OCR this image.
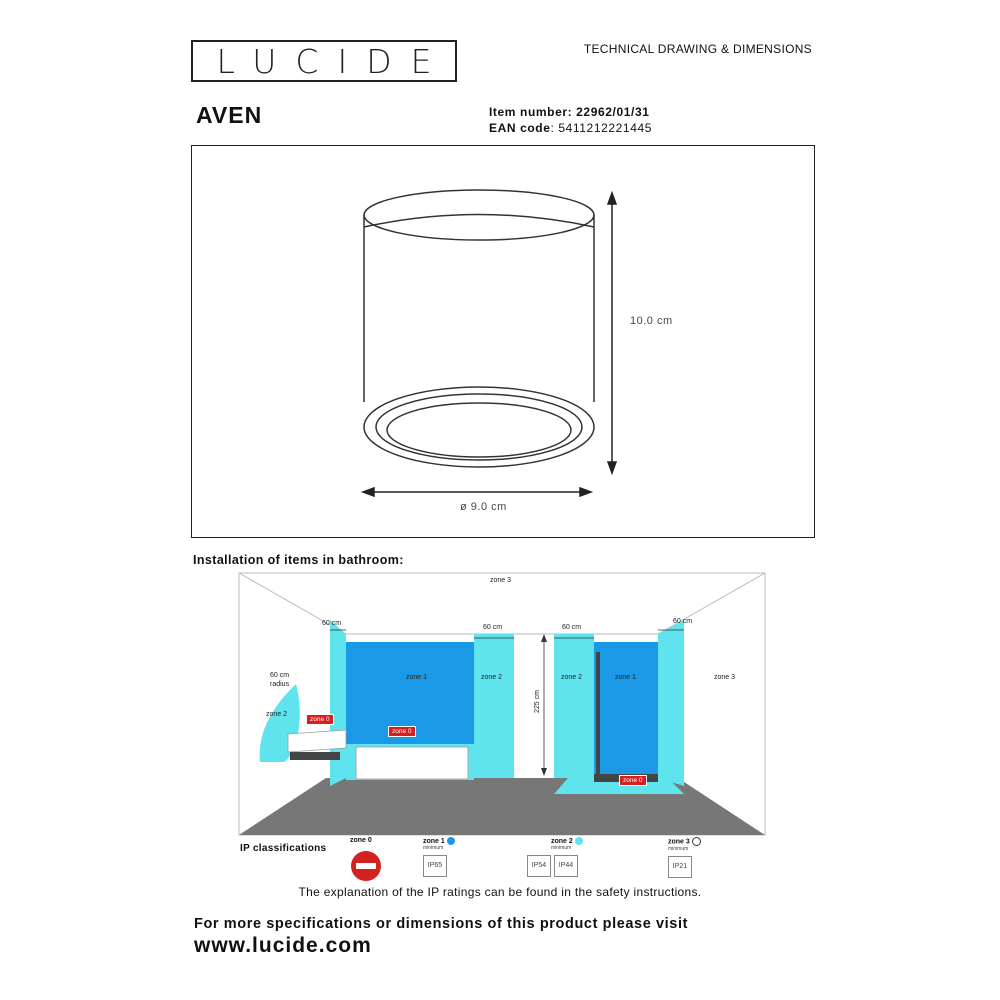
LUCIDE	TECHNICAL DRAWING & DIMENSIONS
AVEN	Item number: 22962/01/31
EAN code: 5411212221445
10.0 cm
ø 9.0 cm
Installation of items in bathroom:
zone 3
60 cm
60 cm	60 cm
60 cm
zone 1	zone 2	zone 2	zone 1	zone 3
225 cm
60 cm
radius
zone 2
zone 0
zone 0
zone 0
IP classifications
zone 0	zone 1
minimum
IP65
zone 2
minimum
IP54 IP44
zone 3
minimum
IP21
The explanation of the IP ratings can be found in the safety instructions.
For more specifications or dimensions of this product please visit
www.lucide.com
